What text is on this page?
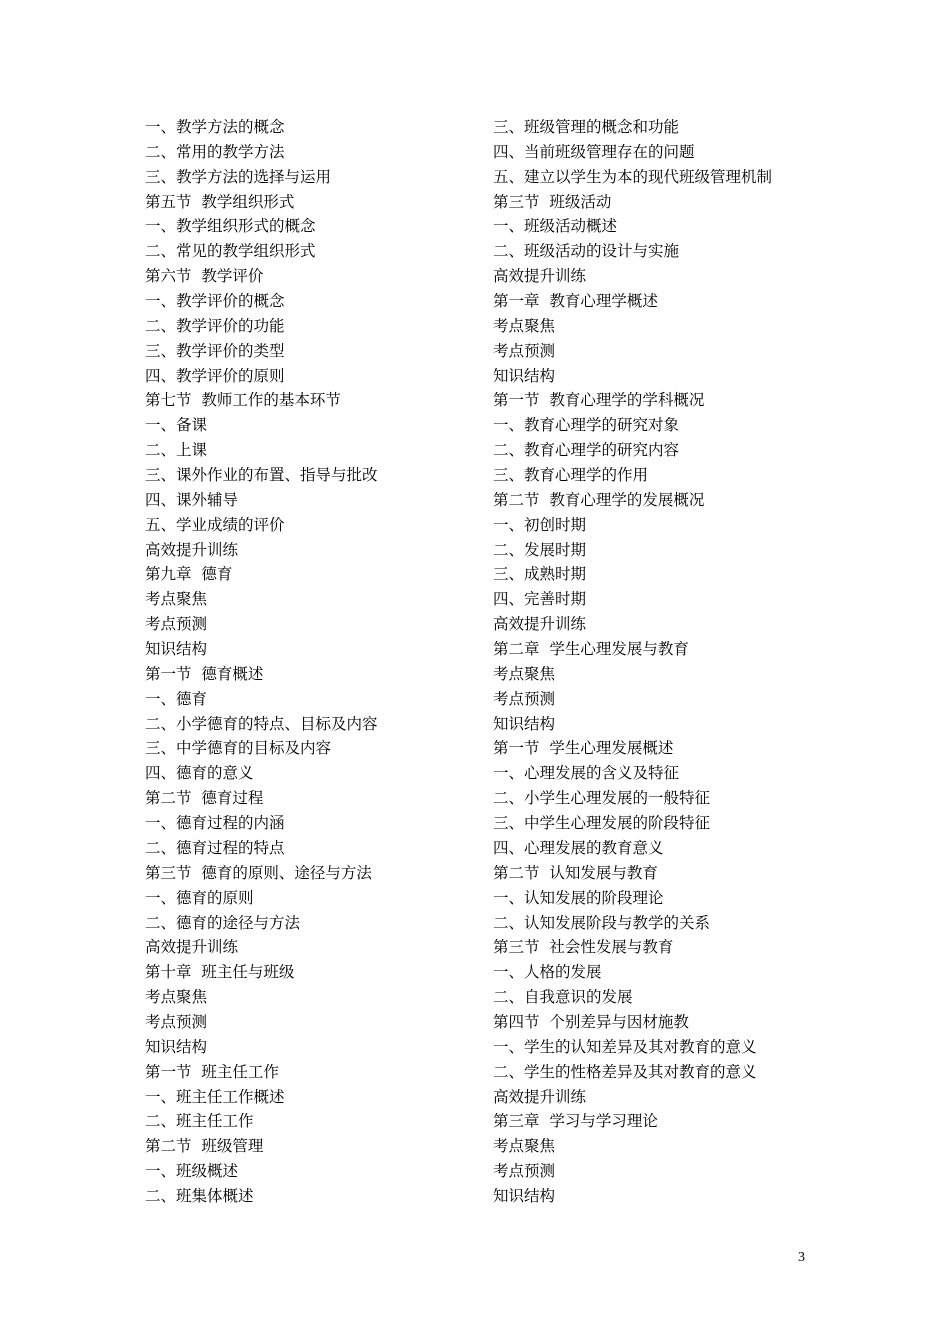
一、教学方法的概念
二、常用的教学方法
三、教学方法的选择与运用
第五节  教学组织形式
一、教学组织形式的概念
二、常见的教学组织形式
第六节  教学评价
一、教学评价的概念
二、教学评价的功能
三、教学评价的类型
四、教学评价的原则
第七节  教师工作的基本环节
一、备课
二、上课
三、课外作业的布置、指导与批改
四、课外辅导
五、学业成绩的评价
高效提升训练
第九章  德育
考点聚焦
考点预测
知识结构
第一节  德育概述
一、德育
二、小学德育的特点、目标及内容
三、中学德育的目标及内容
四、德育的意义
第二节  德育过程
一、德育过程的内涵
二、德育过程的特点
第三节  德育的原则、途径与方法
一、德育的原则
二、德育的途径与方法
高效提升训练
第十章  班主任与班级
考点聚焦
考点预测
知识结构
第一节  班主任工作
一、班主任工作概述
二、班主任工作
第二节  班级管理
一、班级概述
二、班集体概述
三、班级管理的概念和功能
四、当前班级管理存在的问题
五、建立以学生为本的现代班级管理机制
第三节  班级活动
一、班级活动概述
二、班级活动的设计与实施
高效提升训练
第一章  教育心理学概述
考点聚焦
考点预测
知识结构
第一节  教育心理学的学科概况
一、教育心理学的研究对象
二、教育心理学的研究内容
三、教育心理学的作用
第二节  教育心理学的发展概况
一、初创时期
二、发展时期
三、成熟时期
四、完善时期
高效提升训练
第二章  学生心理发展与教育
考点聚焦
考点预测
知识结构
第一节  学生心理发展概述
一、心理发展的含义及特征
二、小学生心理发展的一般特征
三、中学生心理发展的阶段特征
四、心理发展的教育意义
第二节  认知发展与教育
一、认知发展的阶段理论
二、认知发展阶段与教学的关系
第三节  社会性发展与教育
一、人格的发展
二、自我意识的发展
第四节  个别差异与因材施教
一、学生的认知差异及其对教育的意义
二、学生的性格差异及其对教育的意义
高效提升训练
第三章  学习与学习理论
考点聚焦
考点预测
知识结构
3
